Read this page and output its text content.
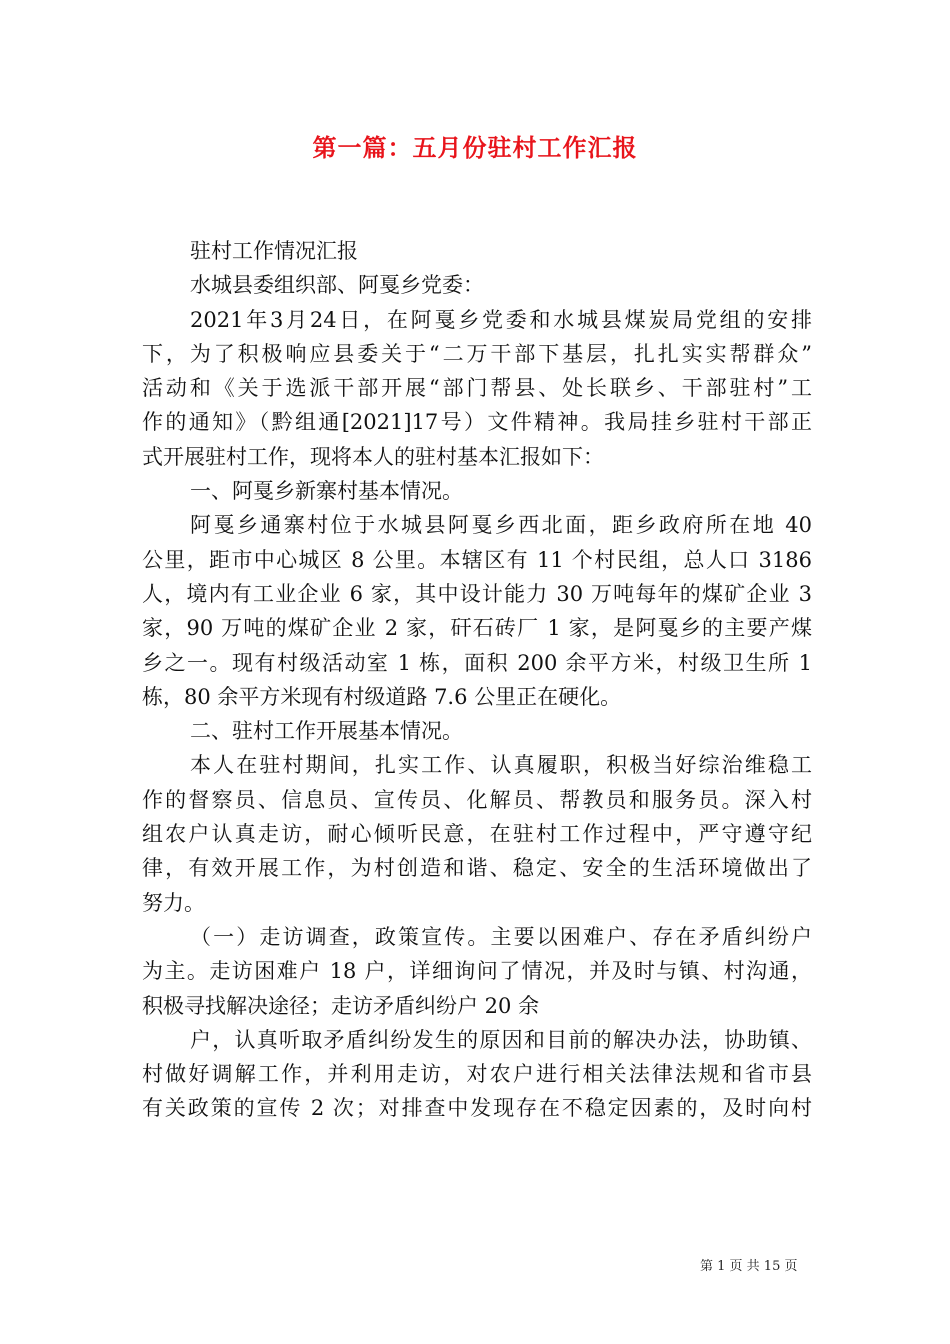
第一篇：五月份驻村工作汇报
驻村工作情况汇报
水城县委组织部、阿戛乡党委：
2021年3月24日，在阿戛乡党委和水城县煤炭局党组的安排
下，为了积极响应县委关于“二万干部下基层，扎扎实实帮群众”
活动和《关于选派干部开展“部门帮县、处长联乡、干部驻村”工
作的通知》（黔组通[2021]17号）文件精神。我局挂乡驻村干部正
式开展驻村工作，现将本人的驻村基本汇报如下：
一、阿戛乡新寨村基本情况。
阿戛乡通寨村位于水城县阿戛乡西北面，距乡政府所在地 40
公里，距市中心城区 8 公里。本辖区有 11 个村民组，总人口 3186
人，境内有工业企业 6 家，其中设计能力 30 万吨每年的煤矿企业 3
家，90 万吨的煤矿企业 2 家，矸石砖厂 1 家，是阿戛乡的主要产煤
乡之一。现有村级活动室 1 栋，面积 200 余平方米，村级卫生所 1
栋，80 余平方米现有村级道路 7.6 公里正在硬化。
二、驻村工作开展基本情况。
本人在驻村期间，扎实工作、认真履职，积极当好综治维稳工
作的督察员、信息员、宣传员、化解员、帮教员和服务员。深入村
组农户认真走访，耐心倾听民意，在驻村工作过程中，严守遵守纪
律，有效开展工作，为村创造和谐、稳定、安全的生活环境做出了
努力。
（一）走访调查，政策宣传。主要以困难户、存在矛盾纠纷户
为主。走访困难户 18 户，详细询问了情况，并及时与镇、村沟通，
积极寻找解决途径；走访矛盾纠纷户 20 余
户，认真听取矛盾纠纷发生的原因和目前的解决办法，协助镇、
村做好调解工作，并利用走访，对农户进行相关法律法规和省市县
有关政策的宣传 2 次；对排查中发现存在不稳定因素的，及时向村
第 1 页 共 15 页
